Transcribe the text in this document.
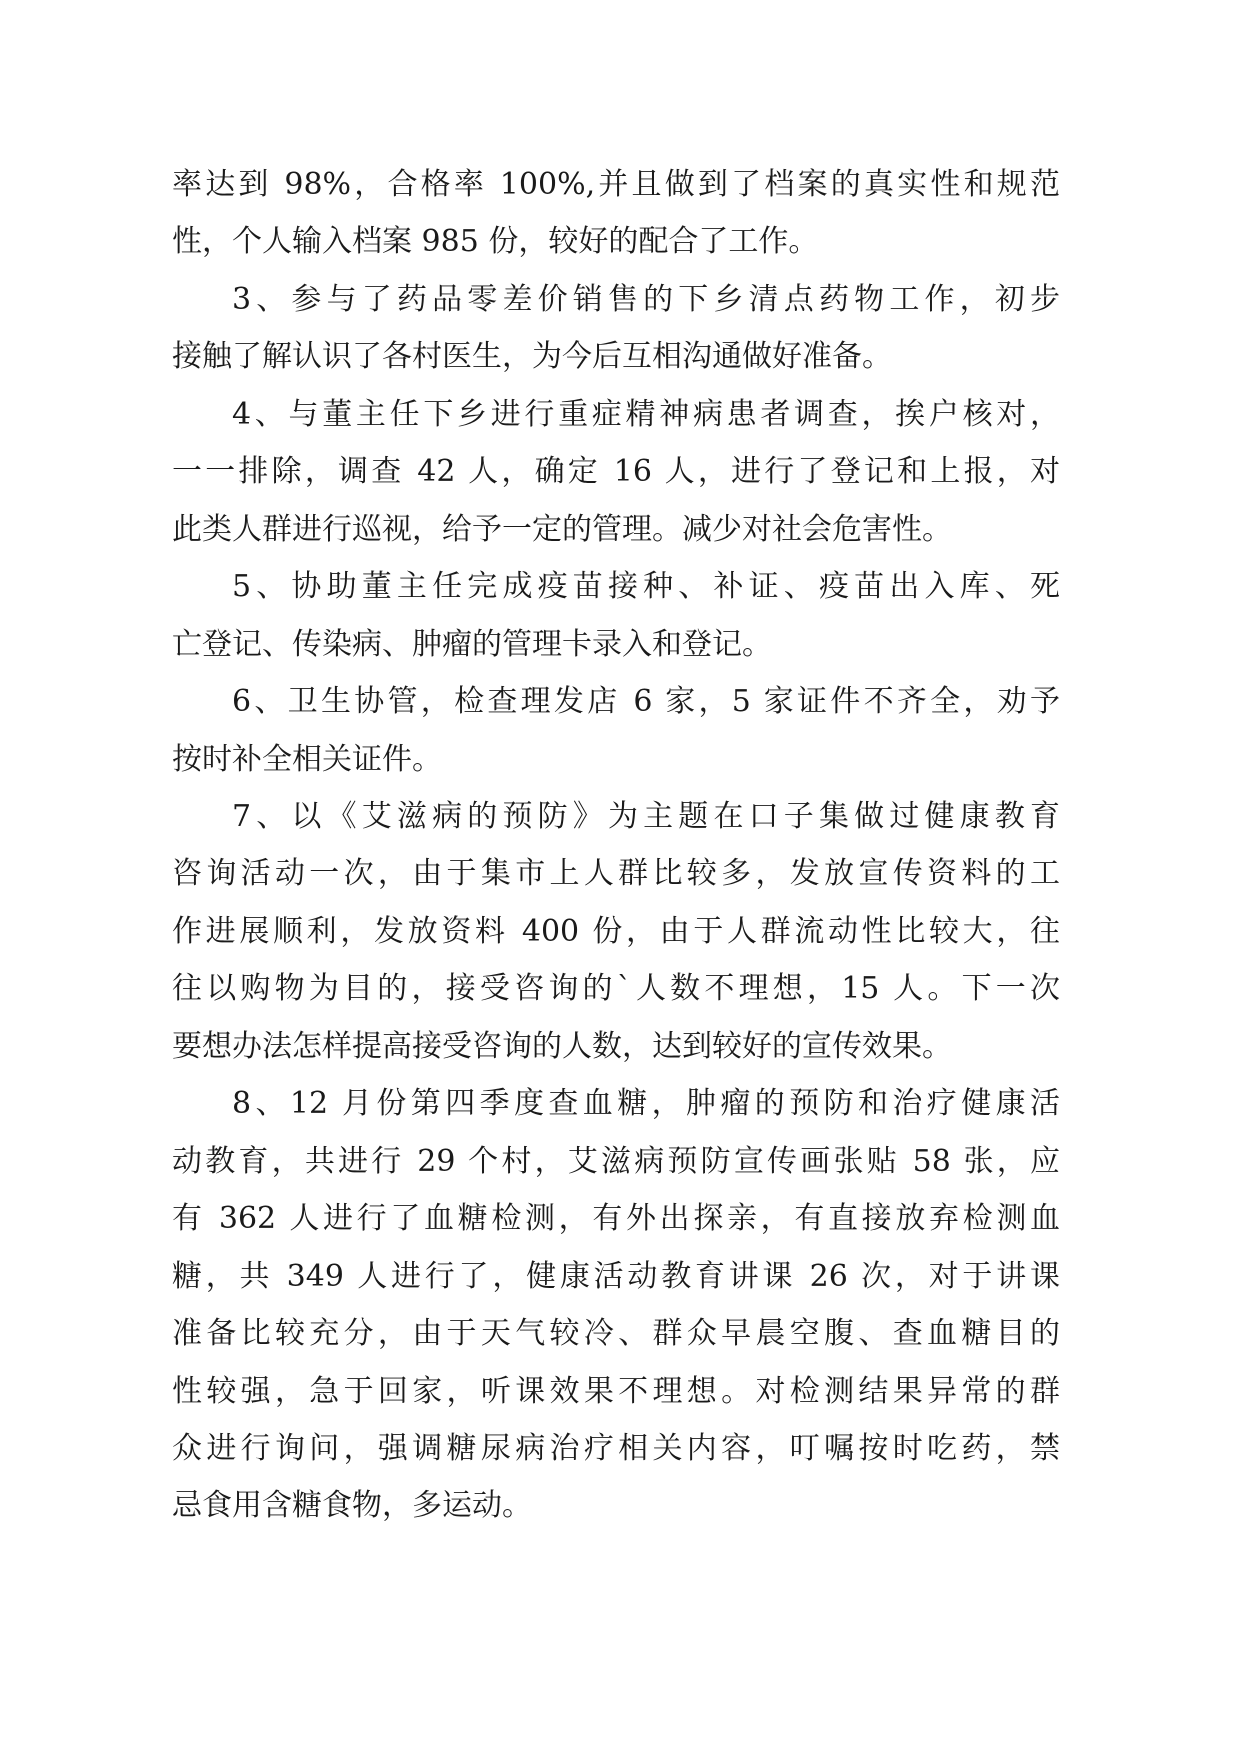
率达到 98%，合格率 100%,并且做到了档案的真实性和规范
性，个人输入档案 985 份，较好的配合了工作。
3、参与了药品零差价销售的下乡清点药物工作，初步
接触了解认识了各村医生，为今后互相沟通做好准备。
4、与董主任下乡进行重症精神病患者调查，挨户核对，
一一排除，调查 42 人，确定 16 人，进行了登记和上报，对
此类人群进行巡视，给予一定的管理。减少对社会危害性。
5、协助董主任完成疫苗接种、补证、疫苗出入库、死
亡登记、传染病、肿瘤的管理卡录入和登记。
6、卫生协管，检查理发店 6 家，5 家证件不齐全，劝予
按时补全相关证件。
7、以《艾滋病的预防》为主题在口子集做过健康教育
咨询活动一次，由于集市上人群比较多，发放宣传资料的工
作进展顺利，发放资料 400 份，由于人群流动性比较大，往
往以购物为目的，接受咨询的`人数不理想，15 人。下一次
要想办法怎样提高接受咨询的人数，达到较好的宣传效果。
8、12 月份第四季度查血糖，肿瘤的预防和治疗健康活
动教育，共进行 29 个村，艾滋病预防宣传画张贴 58 张，应
有 362 人进行了血糖检测，有外出探亲，有直接放弃检测血
糖，共 349 人进行了，健康活动教育讲课 26 次，对于讲课
准备比较充分，由于天气较冷、群众早晨空腹、查血糖目的
性较强，急于回家，听课效果不理想。对检测结果异常的群
众进行询问，强调糖尿病治疗相关内容，叮嘱按时吃药，禁
忌食用含糖食物，多运动。
